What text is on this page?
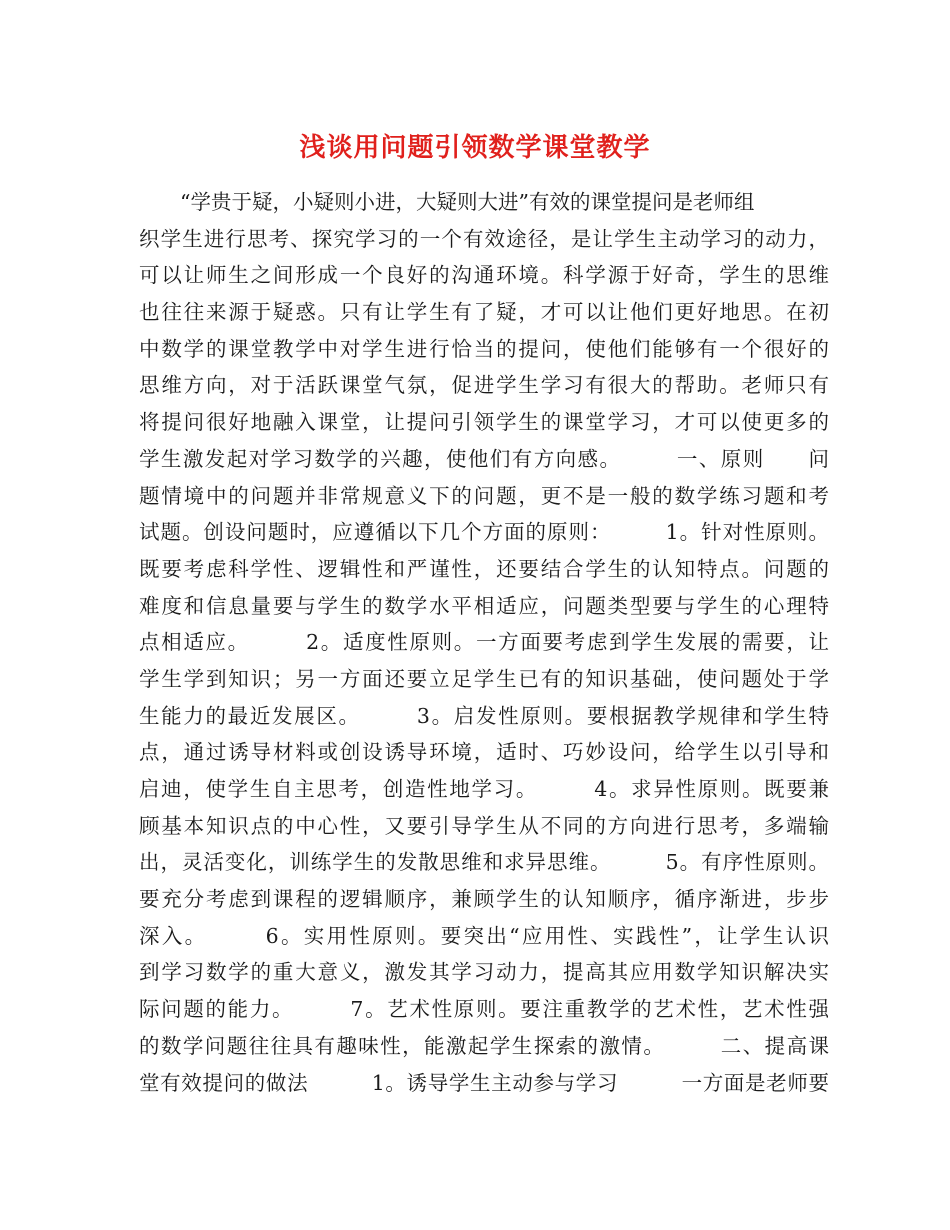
浅谈用问题引领数学课堂教学
　　“学贵于疑，小疑则小进，大疑则大进”有效的课堂提问是老师组
织学生进行思考、探究学习的一个有效途径，是让学生主动学习的动力，
可以让师生之间形成一个良好的沟通环境。科学源于好奇，学生的思维
也往往来源于疑惑。只有让学生有了疑，才可以让他们更好地思。在初
中数学的课堂教学中对学生进行恰当的提问，使他们能够有一个很好的
思维方向，对于活跃课堂气氛，促进学生学习有很大的帮助。老师只有
将提问很好地融入课堂，让提问引领学生的课堂学习，才可以使更多的
学生激发起对学习数学的兴趣，使他们有方向感。　　　一、原则　　问
题情境中的问题并非常规意义下的问题，更不是一般的数学练习题和考
试题。创设问题时，应遵循以下几个方面的原则：　　　1。针对性原则。
既要考虑科学性、逻辑性和严谨性，还要结合学生的认知特点。问题的
难度和信息量要与学生的数学水平相适应，问题类型要与学生的心理特
点相适应。　　　2。适度性原则。一方面要考虑到学生发展的需要，让
学生学到知识；另一方面还要立足学生已有的知识基础，使问题处于学
生能力的最近发展区。　　　3。启发性原则。要根据教学规律和学生特
点，通过诱导材料或创设诱导环境，适时、巧妙设问，给学生以引导和
启迪，使学生自主思考，创造性地学习。　　　4。求异性原则。既要兼
顾基本知识点的中心性，又要引导学生从不同的方向进行思考，多端输
出，灵活变化，训练学生的发散思维和求异思维。　　　5。有序性原则。
要充分考虑到课程的逻辑顺序，兼顾学生的认知顺序，循序渐进，步步
深入。　　　6。实用性原则。要突出“应用性、实践性”，让学生认识
到学习数学的重大意义，激发其学习动力，提高其应用数学知识解决实
际问题的能力。　　　7。艺术性原则。要注重教学的艺术性，艺术性强
的数学问题往往具有趣味性，能激起学生探索的激情。　　　二、提高课
堂有效提问的做法　　　1。诱导学生主动参与学习　　　一方面是老师要
